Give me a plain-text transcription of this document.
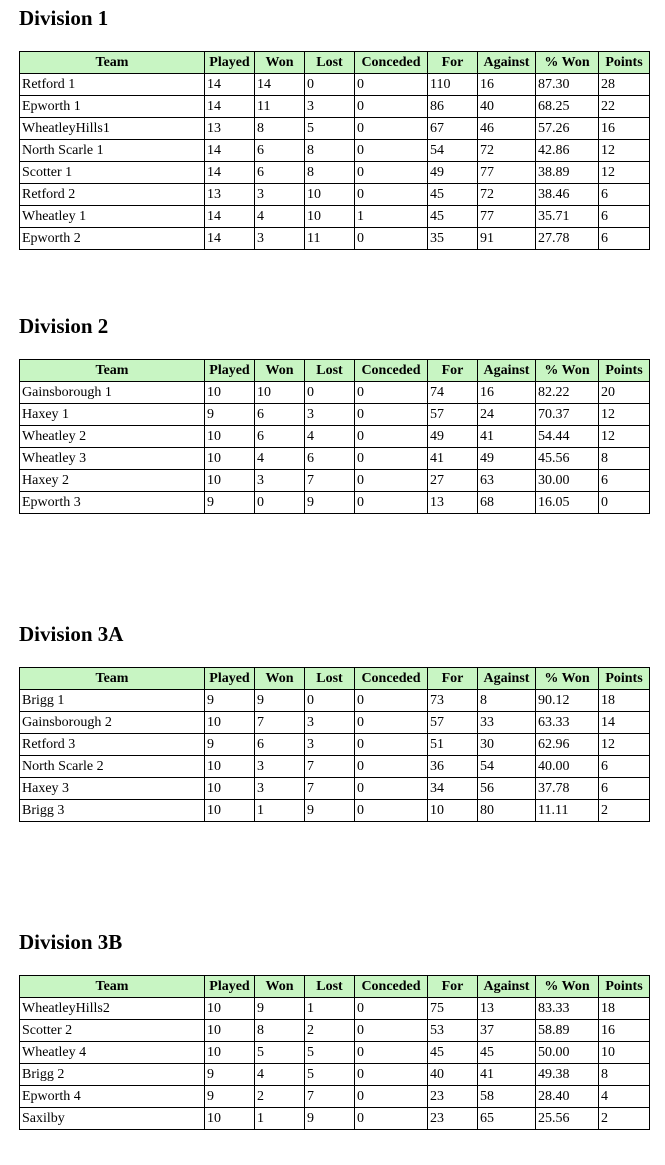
Division 1
Team	Played	Won	Lost	Conceded	For	Against	% Won	Points
Retford 1	14	14	0	0	110	16	87.30	28
Epworth 1	14	11	3	0	86	40	68.25	22
WheatleyHills1	13	8	5	0	67	46	57.26	16
North Scarle 1	14	6	8	0	54	72	42.86	12
Scotter 1	14	6	8	0	49	77	38.89	12
Retford 2	13	3	10	0	45	72	38.46	6
Wheatley 1	14	4	10	1	45	77	35.71	6
Epworth 2	14	3	11	0	35	91	27.78	6
Division 2
Team	Played	Won	Lost	Conceded	For	Against	% Won	Points
Gainsborough 1	10	10	0	0	74	16	82.22	20
Haxey 1	9	6	3	0	57	24	70.37	12
Wheatley 2	10	6	4	0	49	41	54.44	12
Wheatley 3	10	4	6	0	41	49	45.56	8
Haxey 2	10	3	7	0	27	63	30.00	6
Epworth 3	9	0	9	0	13	68	16.05	0
Division 3A
Team	Played	Won	Lost	Conceded	For	Against	% Won	Points
Brigg 1	9	9	0	0	73	8	90.12	18
Gainsborough 2	10	7	3	0	57	33	63.33	14
Retford 3	9	6	3	0	51	30	62.96	12
North Scarle 2	10	3	7	0	36	54	40.00	6
Haxey 3	10	3	7	0	34	56	37.78	6
Brigg 3	10	1	9	0	10	80	11.11	2
Division 3B
Team	Played	Won	Lost	Conceded	For	Against	% Won	Points
WheatleyHills2	10	9	1	0	75	13	83.33	18
Scotter 2	10	8	2	0	53	37	58.89	16
Wheatley 4	10	5	5	0	45	45	50.00	10
Brigg 2	9	4	5	0	40	41	49.38	8
Epworth 4	9	2	7	0	23	58	28.40	4
Saxilby	10	1	9	0	23	65	25.56	2
